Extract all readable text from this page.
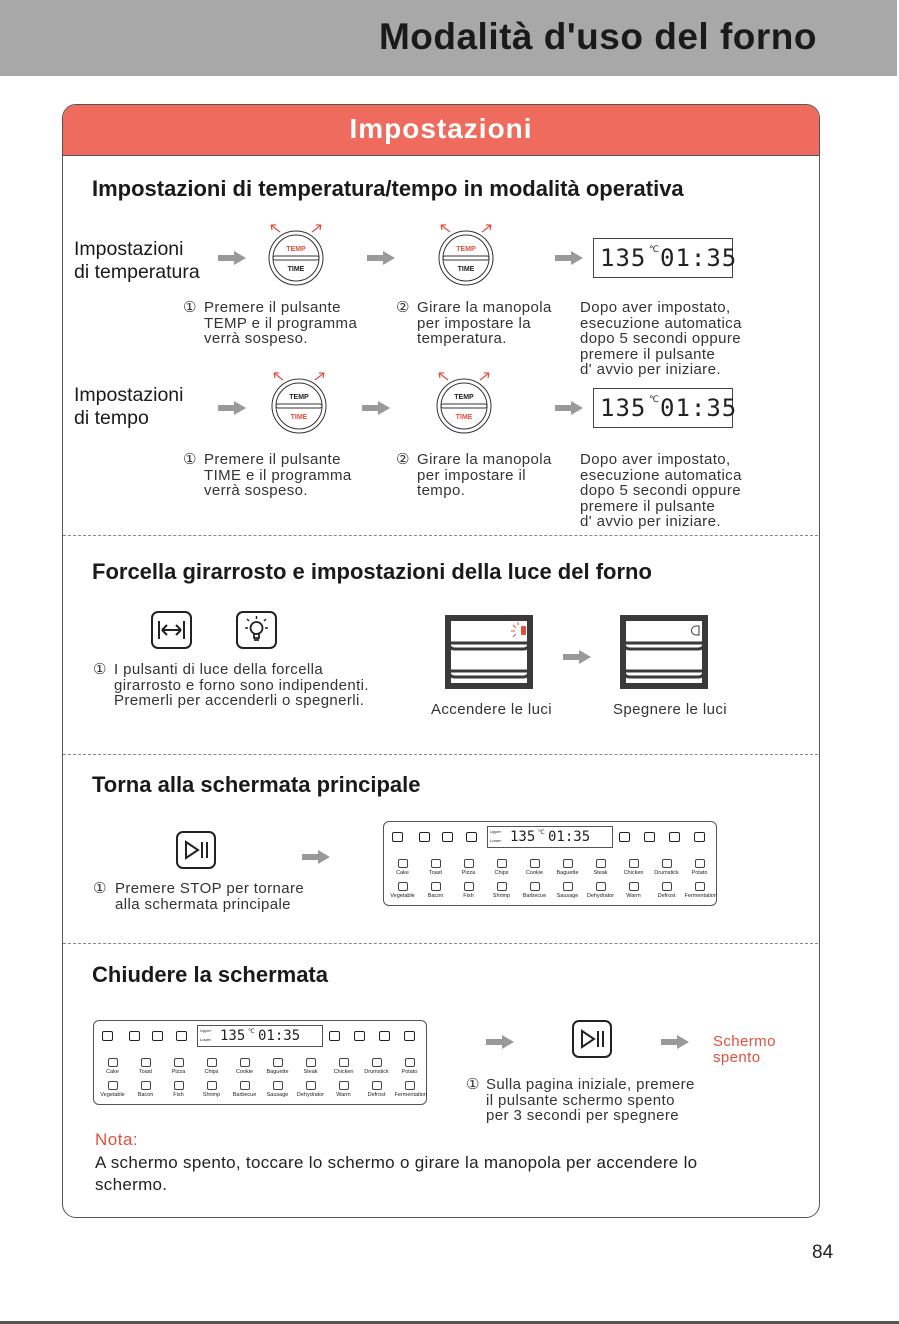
Modalità d'uso del forno
Impostazioni
Impostazioni di temperatura/tempo in modalità operativa
Impostazioni
di temperatura
TEMP
TIME
TEMP
TIME	135 ℃ 01:35
① Premere il pulsante
TEMP e il programma
verrà sospeso.
② Girare la manopola
per impostare la
temperatura.
Dopo aver impostato,
esecuzione automatica
dopo 5 secondi oppure
premere il pulsante
d' avvio per iniziare.
Impostazioni
di tempo
TEMP
TIME
TEMP
TIME	135 ℃ 01:35
① Premere il pulsante
TIME e il programma
verrà sospeso.
② Girare la manopola
per impostare il
tempo.
Dopo aver impostato,
esecuzione automatica
dopo 5 secondi oppure
premere il pulsante
d' avvio per iniziare.
Forcella girarrosto e impostazioni della luce del forno
① I pulsanti di luce della forcella
girarrosto e forno sono indipendenti.
Premerli per accenderli o spegnerli.
Accendere le luci	Spegnere le luci
Torna alla schermata principale
① Premere STOP per tornare
alla schermata principale
Upper
Lower 135 ℃ 01:35
Cake	Toast	Pizza	Chips	Cookie	Baguette	Steak	Chicken	Drumstick	Potato
Vegetable	Bacon	Fish	Shrimp	Barbecue	Sausage	Dehydrator	Warm	Defrost	Fermentation
Chiudere la schermata
Upper
Lower 135 ℃ 01:35
Cake	Toast	Pizza	Chips	Cookie	Baguette	Steak	Chicken	Drumstick	Potato
Vegetable	Bacon	Fish	Shrimp	Barbecue	Sausage	Dehydrator	Warm	Defrost	Fermentation
Schermo
spento
① Sulla pagina iniziale, premere
il pulsante schermo spento
per 3 secondi per spegnere
Nota:
A schermo spento, toccare lo schermo o girare la manopola per accendere lo
schermo.
84
